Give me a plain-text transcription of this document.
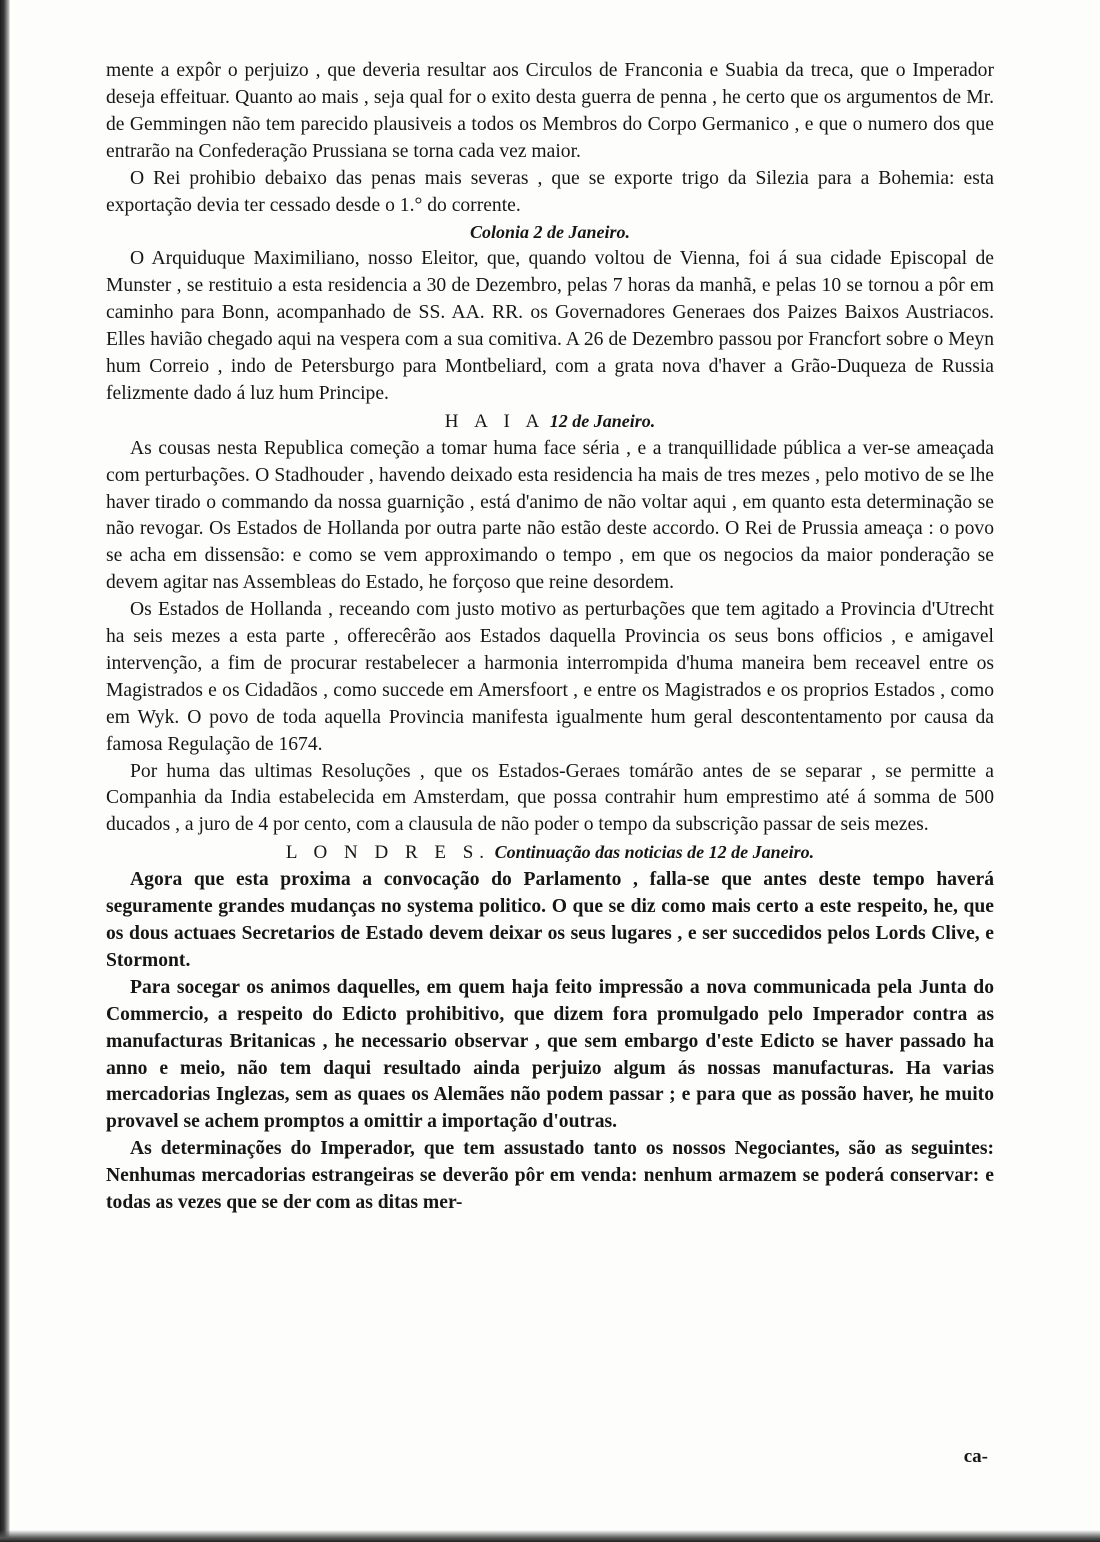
mente a expôr o perjuizo , que deveria resultar aos Circulos de Franconia e Suabia da treca, que o Imperador deseja effeituar. Quanto ao mais , seja qual for o exito desta guerra de penna , he certo que os argumentos de Mr. de Gemmingen não tem parecido plausiveis a todos os Membros do Corpo Germanico , e que o numero dos que entrarão na Confederação Prussiana se torna cada vez maior.

O Rei prohibio debaixo das penas mais severas , que se exporte trigo da Silezia para a Bohemia: esta exportação devia ter cessado desde o 1.° do corrente.

Colonia 2 de Janeiro.

O Arquiduque Maximiliano, nosso Eleitor, que, quando voltou de Vienna, foi á sua cidade Episcopal de Munster , se restituio a esta residencia a 30 de Dezembro, pelas 7 horas da manhã, e pelas 10 se tornou a pôr em caminho para Bonn, acompanhado de SS. AA. RR. os Governadores Generaes dos Paizes Baixos Austriacos. Elles havião chegado aqui na vespera com a sua comitiva. A 26 de Dezembro passou por Francfort sobre o Meyn hum Correio , indo de Petersburgo para Montbeliard, com a grata nova d'haver a Grão-Duqueza de Russia felizmente dado á luz hum Principe.

H A I A 12 de Janeiro.

As cousas nesta Republica começão a tomar huma face séria , e a tranquillidade pública a ver-se ameaçada com perturbações. O Stadhouder , havendo deixado esta residencia ha mais de tres mezes , pelo motivo de se lhe haver tirado o commando da nossa guarnição , está d'animo de não voltar aqui , em quanto esta determinação se não revogar. Os Estados de Hollanda por outra parte não estão deste accordo. O Rei de Prussia ameaça : o povo se acha em dissensão: e como se vem approximando o tempo , em que os negocios da maior ponderação se devem agitar nas Assembleas do Estado, he forçoso que reine desordem.

Os Estados de Hollanda , receando com justo motivo as perturbações que tem agitado a Provincia d'Utrecht ha seis mezes a esta parte , offerecêrão aos Estados daquella Provincia os seus bons officios , e amigavel intervenção, a fim de procurar restabelecer a harmonia interrompida d'huma maneira bem receavel entre os Magistrados e os Cidadãos , como succede em Amersfoort , e entre os Magistrados e os proprios Estados , como em Wyk. O povo de toda aquella Provincia manifesta igualmente hum geral descontentamento por causa da famosa Regulação de 1674.

Por huma das ultimas Resoluções , que os Estados-Geraes tomárão antes de se separar , se permitte a Companhia da India estabelecida em Amsterdam, que possa contrahir hum emprestimo até á somma de 500 ducados , a juro de 4 por cento, com a clausula de não poder o tempo da subscrição passar de seis mezes.

L O N D R E S. Continuação das noticias de 12 de Janeiro.

Agora que esta proxima a convocação do Parlamento , falla-se que antes deste tempo haverá seguramente grandes mudanças no systema politico. O que se diz como mais certo a este respeito, he, que os dous actuaes Secretarios de Estado devem deixar os seus lugares , e ser succedidos pelos Lords Clive, e Stormont.

Para socegar os animos daquelles, em quem haja feito impressão a nova communicada pela Junta do Commercio, a respeito do Edicto prohibitivo, que dizem fora promulgado pelo Imperador contra as manufacturas Britanicas , he necessario observar , que sem embargo d'este Edicto se haver passado ha anno e meio, não tem daqui resultado ainda perjuizo algum ás nossas manufacturas. Ha varias mercadorias Inglezas, sem as quaes os Alemães não podem passar ; e para que as possão haver, he muito provavel se achem promptos a omittir a importação d'outras.

As determinações do Imperador, que tem assustado tanto os nossos Negociantes, são as seguintes: Nenhumas mercadorias estrangeiras se deverão pôr em venda: nenhum armazem se poderá conservar: e todas as vezes que se der com as ditas mer-

ca-
